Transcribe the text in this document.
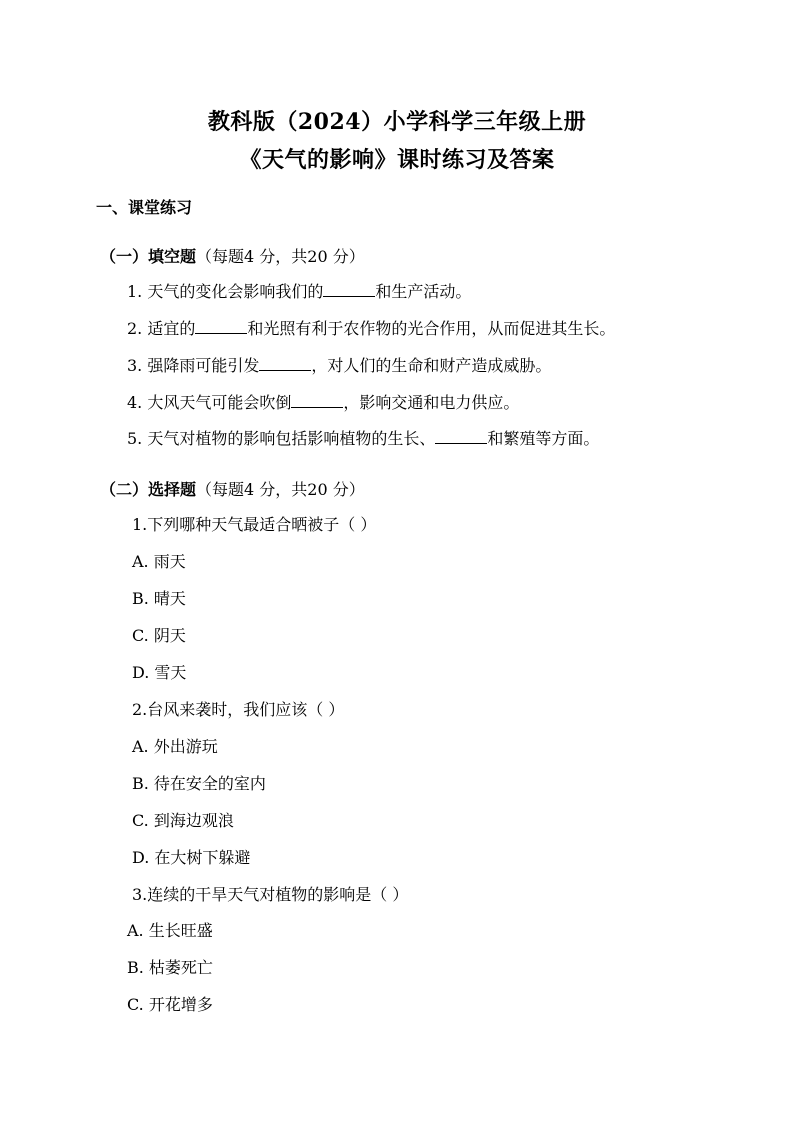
教科版（2024）小学科学三年级上册
《天气的影响》课时练习及答案
一、课堂练习
（一）填空题（每题4 分，共20 分）
1. 天气的变化会影响我们的	和生产活动。
2. 适宜的	和光照有利于农作物的光合作用，从而促进其生长。
3. 强降雨可能引发	，对人们的生命和财产造成威胁。
4. 大风天气可能会吹倒	，影响交通和电力供应。
5. 天气对植物的影响包括影响植物的生长、	和繁殖等方面。
（二）选择题（每题4 分，共20 分）
1.下列哪种天气最适合晒被子（ ）
A. 雨天
B. 晴天
C. 阴天
D. 雪天
2.台风来袭时，我们应该（ ）
A. 外出游玩
B. 待在安全的室内
C. 到海边观浪
D. 在大树下躲避
3.连续的干旱天气对植物的影响是（ ）
A. 生长旺盛
B. 枯萎死亡
C. 开花增多
